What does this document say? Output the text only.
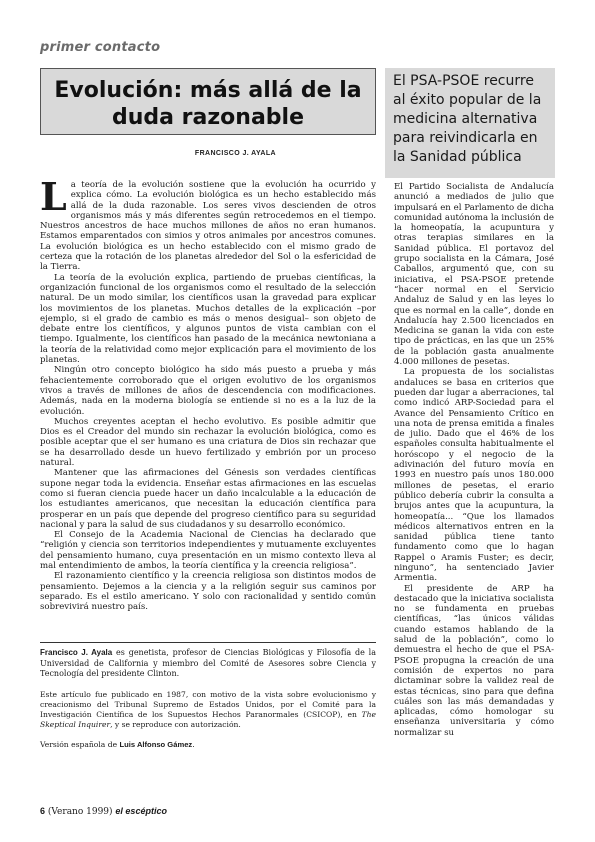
primer contacto
Evolución: más allá de la duda razonable
FRANCISCO J. AYALA

La teoría de la evolución sostiene que la evolución ha ocurrido y explica cómo. La evolución biológica es un hecho establecido más allá de la duda razonable. Los seres vivos descienden de otros organismos más y más diferentes según retrocedemos en el tiempo. Nuestros ancestros de hace muchos millones de años no eran humanos. Estamos emparentados con simios y otros animales por ancestros comunes. La evolución biológica es un hecho establecido con el mismo grado de certeza que la rotación de los planetas alrededor del Sol o la esfericidad de la Tierra.

La teoría de la evolución explica, partiendo de pruebas científicas, la organización funcional de los organismos como el resultado de la selección natural. De un modo similar, los científicos usan la gravedad para explicar los movimientos de los planetas. Muchos detalles de la explicación –por ejemplo, si el grado de cambio es más o menos desigual– son objeto de debate entre los científicos, y algunos puntos de vista cambian con el tiempo. Igualmente, los científicos han pasado de la mecánica newtoniana a la teoría de la relatividad como mejor explicación para el movimiento de los planetas.

Ningún otro concepto biológico ha sido más puesto a prueba y más fehacientemente corroborado que el origen evolutivo de los organismos vivos a través de millones de años de descendencia con modificaciones. Además, nada en la moderna biología se entiende si no es a la luz de la evolución.

Muchos creyentes aceptan el hecho evolutivo. Es posible admitir que Dios es el Creador del mundo sin rechazar la evolución biológica, como es posible aceptar que el ser humano es una criatura de Dios sin rechazar que se ha desarrollado desde un huevo fertilizado y embrión por un proceso natural.

Mantener que las afirmaciones del Génesis son verdades científicas supone negar toda la evidencia. Enseñar estas afirmaciones en las escuelas como si fueran ciencia puede hacer un daño incalculable a la educación de los estudiantes americanos, que necesitan la educación científica para prosperar en un país que depende del progreso científico para su seguridad nacional y para la salud de sus ciudadanos y su desarrollo económico.

El Consejo de la Academia Nacional de Ciencias ha declarado que “religión y ciencia son territorios independientes y mutuamente excluyentes del pensamiento humano, cuya presentación en un mismo contexto lleva al mal entendimiento de ambos, la teoría científica y la creencia religiosa”.

El razonamiento científico y la creencia religiosa son distintos modos de pensamiento. Dejemos a la ciencia y a la religión seguir sus caminos por separado. Es el estilo americano. Y solo con racionalidad y sentido común sobrevivirá nuestro país.

Francisco J. Ayala es genetista, profesor de Ciencias Biológicas y Filosofía de la Universidad de California y miembro del Comité de Asesores sobre Ciencia y Tecnología del presidente Clinton.

Este artículo fue publicado en 1987, con motivo de la vista sobre evolucionismo y creacionismo del Tribunal Supremo de Estados Unidos, por el Comité para la Investigación Científica de los Supuestos Hechos Paranormales (CSICOP), en The Skeptical Inquirer, y se reproduce con autorización.

Versión española de Luis Alfonso Gámez.

El PSA-PSOE recurre al éxito popular de la medicina alternativa para reivindicarla en la Sanidad pública

El Partido Socialista de Andalucía anunció a mediados de julio que impulsará en el Parlamento de dicha comunidad autónoma la inclusión de la homeopatía, la acupuntura y otras terapias similares en la Sanidad pública. El portavoz del grupo socialista en la Cámara, José Caballos, argumentó que, con su iniciativa, el PSA-PSOE pretende “hacer normal en el Servicio Andaluz de Salud y en las leyes lo que es normal en la calle”, donde en Andalucía hay 2.500 licenciados en Medicina se ganan la vida con este tipo de prácticas, en las que un 25% de la población gasta anualmente 4.000 millones de pesetas.

La propuesta de los socialistas andaluces se basa en criterios que pueden dar lugar a aberraciones, tal como indicó ARP-Sociedad para el Avance del Pensamiento Crítico en una nota de prensa emitida a finales de julio. Dado que el 46% de los españoles consulta habitualmente el horóscopo y el negocio de la adivinación del futuro movía en 1993 en nuestro país unos 180.000 millones de pesetas, el erario público debería cubrir la consulta a brujos antes que la acupuntura, la homeopatía... “Que los llamados médicos alternativos entren en la sanidad pública tiene tanto fundamento como que lo hagan Rappel o Aramis Fuster; es decir, ninguno”, ha sentenciado Javier Armentia.

El presidente de ARP ha destacado que la iniciativa socialista no se fundamenta en pruebas científicas, “las únicos válidas cuando estamos hablando de la salud de la población”, como lo demuestra el hecho de que el PSA-PSOE propugna la creación de una comisión de expertos no para dictaminar sobre la validez real de estas técnicas, sino para que defina cuáles son las más demandadas y aplicadas, cómo homologar su enseñanza universitaria y cómo normalizar su

6 (Verano 1999) el escéptico
